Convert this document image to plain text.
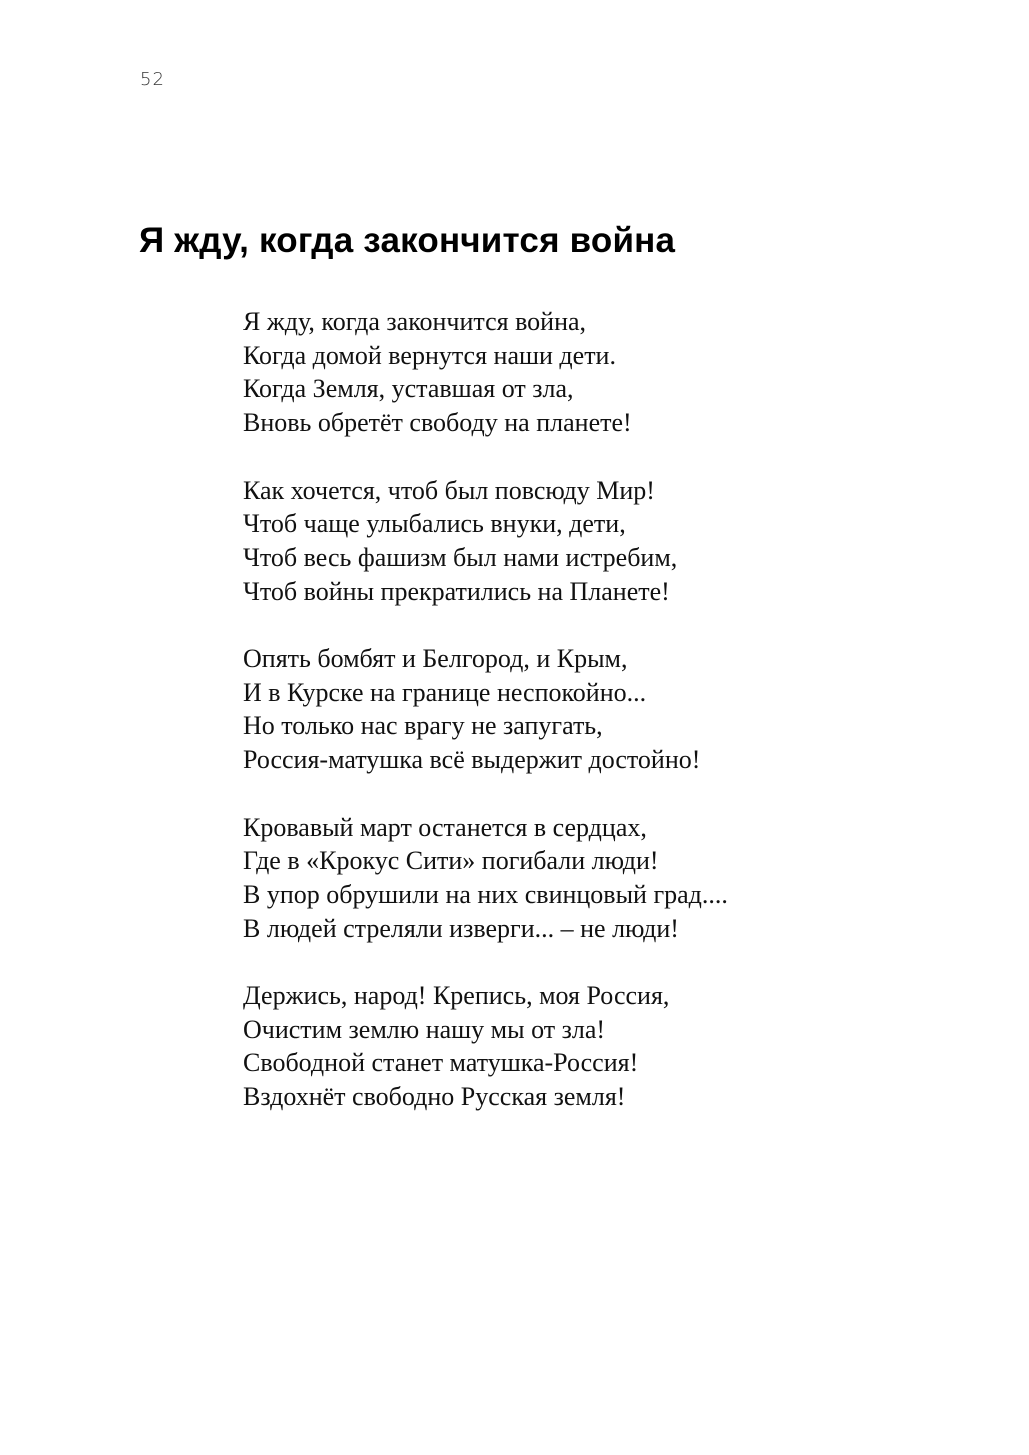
52
Я жду, когда закончится война
Я жду, когда закончится война,
Когда домой вернутся наши дети.
Когда Земля, уставшая от зла,
Вновь обретёт свободу на планете!
Как хочется, чтоб был повсюду Мир!
Чтоб чаще улыбались внуки, дети,
Чтоб весь фашизм был нами истребим,
Чтоб войны прекратились на Планете!
Опять бомбят и Белгород, и Крым,
И в Курске на границе неспокойно...
Но только нас врагу не запугать,
Россия-матушка всё выдержит достойно!
Кровавый март останется в сердцах,
Где в «Крокус Сити» погибали люди!
В упор обрушили на них свинцовый град....
В людей стреляли изверги... – не люди!
Держись, народ! Крепись, моя Россия,
Очистим землю нашу мы от зла!
Свободной станет матушка-Россия!
Вздохнёт свободно Русская земля!
